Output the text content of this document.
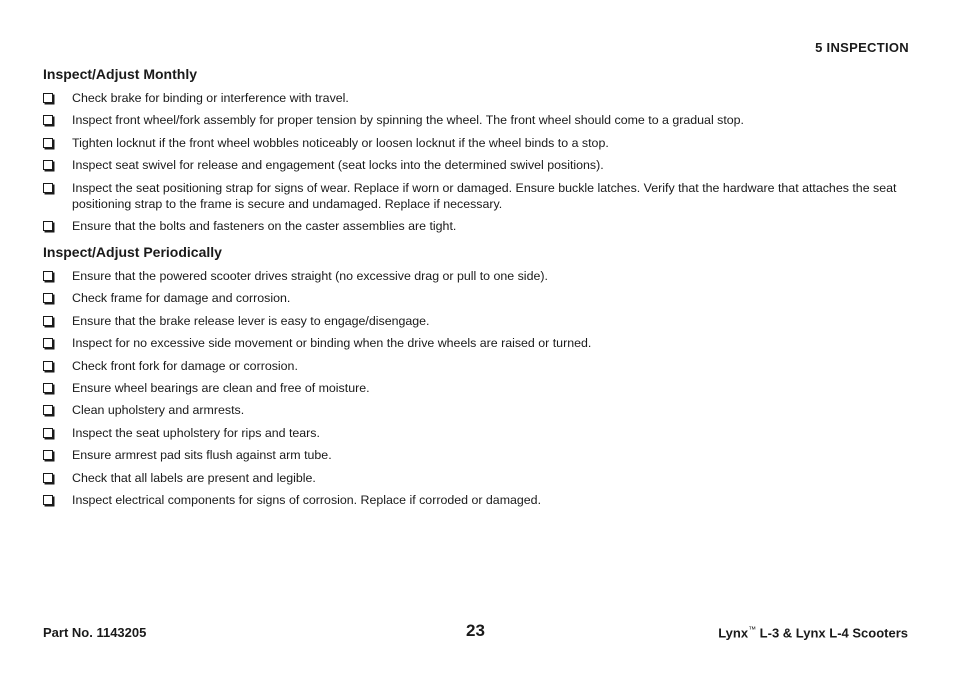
5 INSPECTION
Inspect/Adjust Monthly
Check brake for binding or interference with travel.
Inspect front wheel/fork assembly for proper tension by spinning the wheel. The front wheel should come to a gradual stop.
Tighten locknut if the front wheel wobbles noticeably or loosen locknut if the wheel binds to a stop.
Inspect seat swivel for release and engagement (seat locks into the determined swivel positions).
Inspect the seat positioning strap for signs of wear. Replace if worn or damaged. Ensure buckle latches. Verify that the hardware that attaches the seat positioning strap to the frame is secure and undamaged. Replace if necessary.
Ensure that the bolts and fasteners on the caster assemblies are tight.
Inspect/Adjust Periodically
Ensure that the powered scooter drives straight (no excessive drag or pull to one side).
Check frame for damage and corrosion.
Ensure that the brake release lever is easy to engage/disengage.
Inspect for no excessive side movement or binding when the drive wheels are raised or turned.
Check front fork for damage or corrosion.
Ensure wheel bearings are clean and free of moisture.
Clean upholstery and armrests.
Inspect the seat upholstery for rips and tears.
Ensure armrest pad sits flush against arm tube.
Check that all labels are present and legible.
Inspect electrical components for signs of corrosion. Replace if corroded or damaged.
Part No. 1143205	23	Lynx™ L-3 & Lynx L-4 Scooters
